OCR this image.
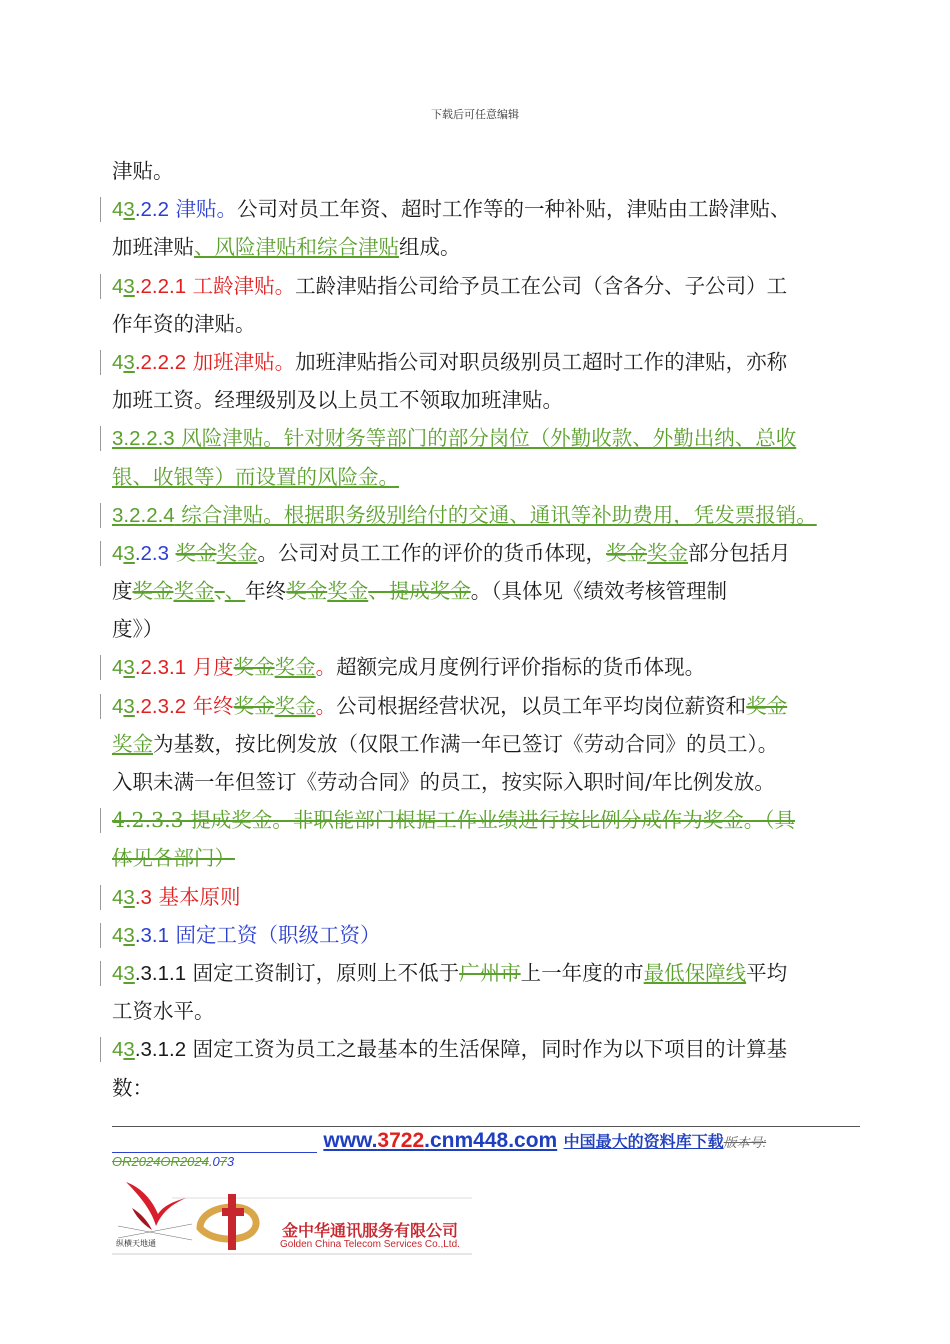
下载后可任意编辑
津贴。
43.2.2 津贴。公司对员工年资、超时工作等的一种补贴，津贴由工龄津贴、
加班津贴、风险津贴和综合津贴组成。
43.2.2.1 工龄津贴。工龄津贴指公司给予员工在公司（含各分、子公司）工
作年资的津贴。
43.2.2.2 加班津贴。加班津贴指公司对职员级别员工超时工作的津贴，亦称
加班工资。经理级别及以上员工不领取加班津贴。
3.2.2.3 风险津贴。针对财务等部门的部分岗位（外勤收款、外勤出纳、总收
银、收银等）而设置的风险金。
3.2.2.4 综合津贴。根据职务级别给付的交通、通讯等补助费用，凭发票报销。
43.2.3 奖金奖金。公司对员工工作的评价的货币体现，奖金奖金部分包括月
度奖金奖金、、年终奖金奖金、提成奖金。（具体见《绩效考核管理制
度》）
43.2.3.1 月度奖金奖金。超额完成月度例行评价指标的货币体现。
43.2.3.2 年终奖金奖金。公司根据经营状况，以员工年平均岗位薪资和奖金
奖金为基数，按比例发放（仅限工作满一年已签订《劳动合同》的员工）。
入职未满一年但签订《劳动合同》的员工，按实际入职时间/年比例发放。
4.2.3.3 提成奖金。非职能部门根据工作业绩进行按比例分成作为奖金。（具
体见各部门）
43.3 基本原则
43.3.1 固定工资（职级工资）
43.3.1.1 固定工资制订，原则上不低于广州市上一年度的市最低保障线平均
工资水平。
43.3.1.2 固定工资为员工之最基本的生活保障，同时作为以下项目的计算基
数：
www.3722.cnm448.com 中国最大的资料库下载版本号:
OR2024OR2024.073
纵横天地通
金中华通讯服务有限公司
Golden China Telecom Services Co.,Ltd.
